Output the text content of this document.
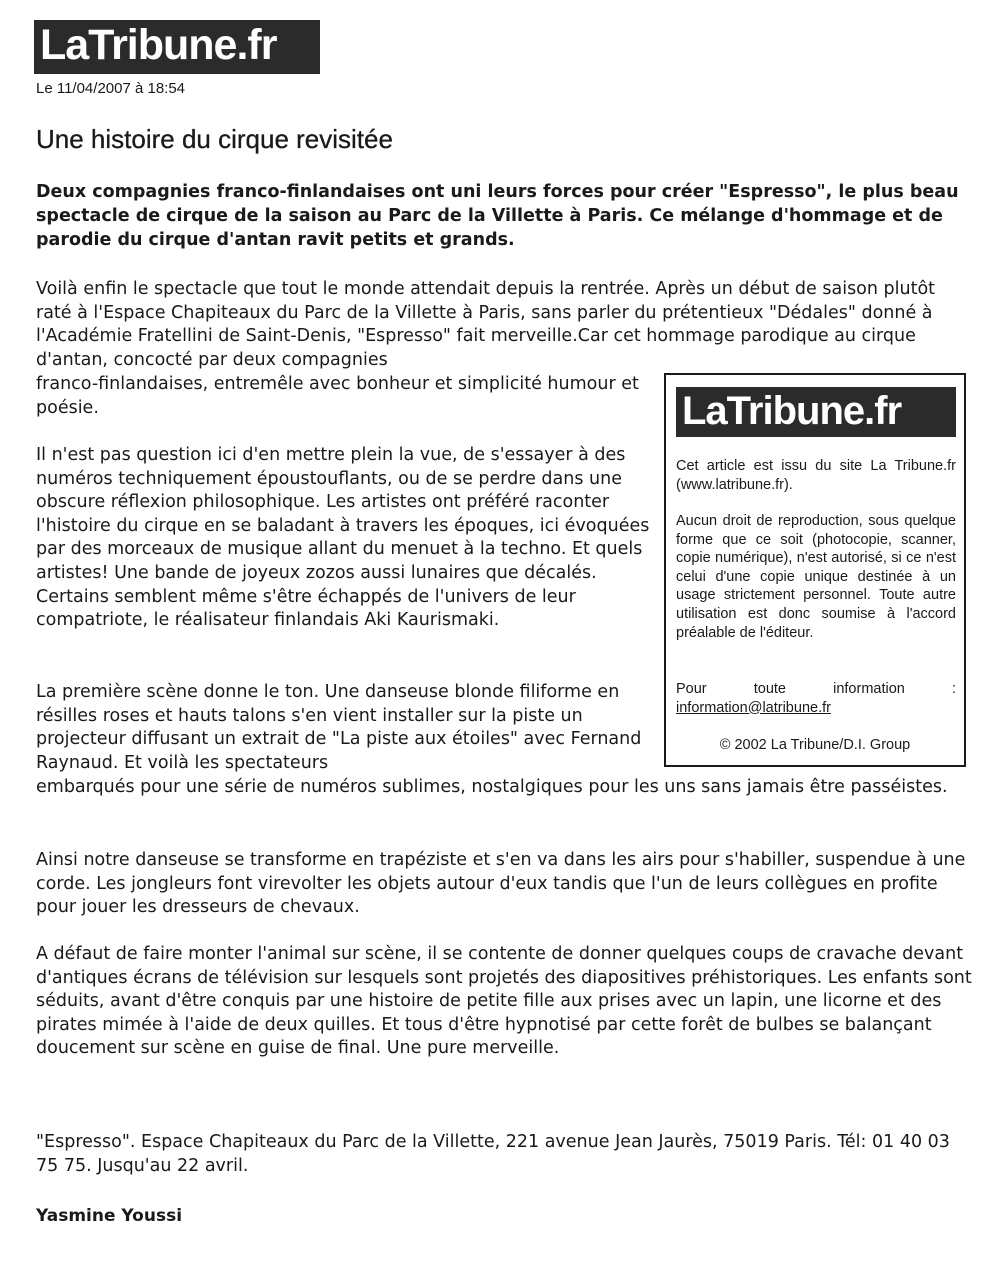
LaTribune.fr
Le 11/04/2007 à 18:54
Une histoire du cirque revisitée

Deux compagnies franco-finlandaises ont uni leurs forces pour créer "Espresso", le plus beau spectacle de cirque de la saison au Parc de la Villette à Paris. Ce mélange d'hommage et de parodie du cirque d'antan ravit petits et grands.

Voilà enfin le spectacle que tout le monde attendait depuis la rentrée. Après un début de saison plutôt raté à l'Espace Chapiteaux du Parc de la Villette à Paris, sans parler du prétentieux "Dédales" donné à l'Académie Fratellini de Saint-Denis, "Espresso" fait merveille.Car cet hommage parodique au cirque d'antan, concocté par deux compagnies

franco-finlandaises, entremêle avec bonheur et simplicité humour et poésie.

Il n'est pas question ici d'en mettre plein la vue, de s'essayer à des numéros techniquement époustouflants, ou de se perdre dans une obscure réflexion philosophique. Les artistes ont préféré raconter l'histoire du cirque en se baladant à travers les époques, ici évoquées par des morceaux de musique allant du menuet à la techno. Et quels artistes! Une bande de joyeux zozos aussi lunaires que décalés. Certains semblent même s'être échappés de l'univers de leur compatriote, le réalisateur finlandais Aki Kaurismaki.

La première scène donne le ton. Une danseuse blonde filiforme en résilles roses et hauts talons s'en vient installer sur la piste un projecteur diffusant un extrait de "La piste aux étoiles" avec Fernand Raynaud. Et voilà les spectateurs

embarqués pour une série de numéros sublimes, nostalgiques pour les uns sans jamais être passéistes.

Ainsi notre danseuse se transforme en trapéziste et s'en va dans les airs pour s'habiller, suspendue à une corde. Les jongleurs font virevolter les objets autour d'eux tandis que l'un de leurs collègues en profite pour jouer les dresseurs de chevaux.

A défaut de faire monter l'animal sur scène, il se contente de donner quelques coups de cravache devant d'antiques écrans de télévision sur lesquels sont projetés des diapositives préhistoriques. Les enfants sont séduits, avant d'être conquis par une histoire de petite fille aux prises avec un lapin, une licorne et des pirates mimée à l'aide de deux quilles. Et tous d'être hypnotisé par cette forêt de bulbes se balançant doucement sur scène en guise de final. Une pure merveille.

LaTribune.fr

Cet article est issu du site La Tribune.fr (www.latribune.fr).

Aucun droit de reproduction, sous quelque forme que ce soit (photocopie, scanner, copie numérique), n'est autorisé, si ce n'est celui d'une copie unique destinée à un usage strictement personnel. Toute autre utilisation est donc soumise à l'accord préalable de l'éditeur.

Pour toute information :
information@latribune.fr

© 2002 La Tribune/D.I. Group

"Espresso". Espace Chapiteaux du Parc de la Villette, 221 avenue Jean Jaurès, 75019 Paris. Tél: 01 40 03 75 75. Jusqu'au 22 avril.

Yasmine Youssi
